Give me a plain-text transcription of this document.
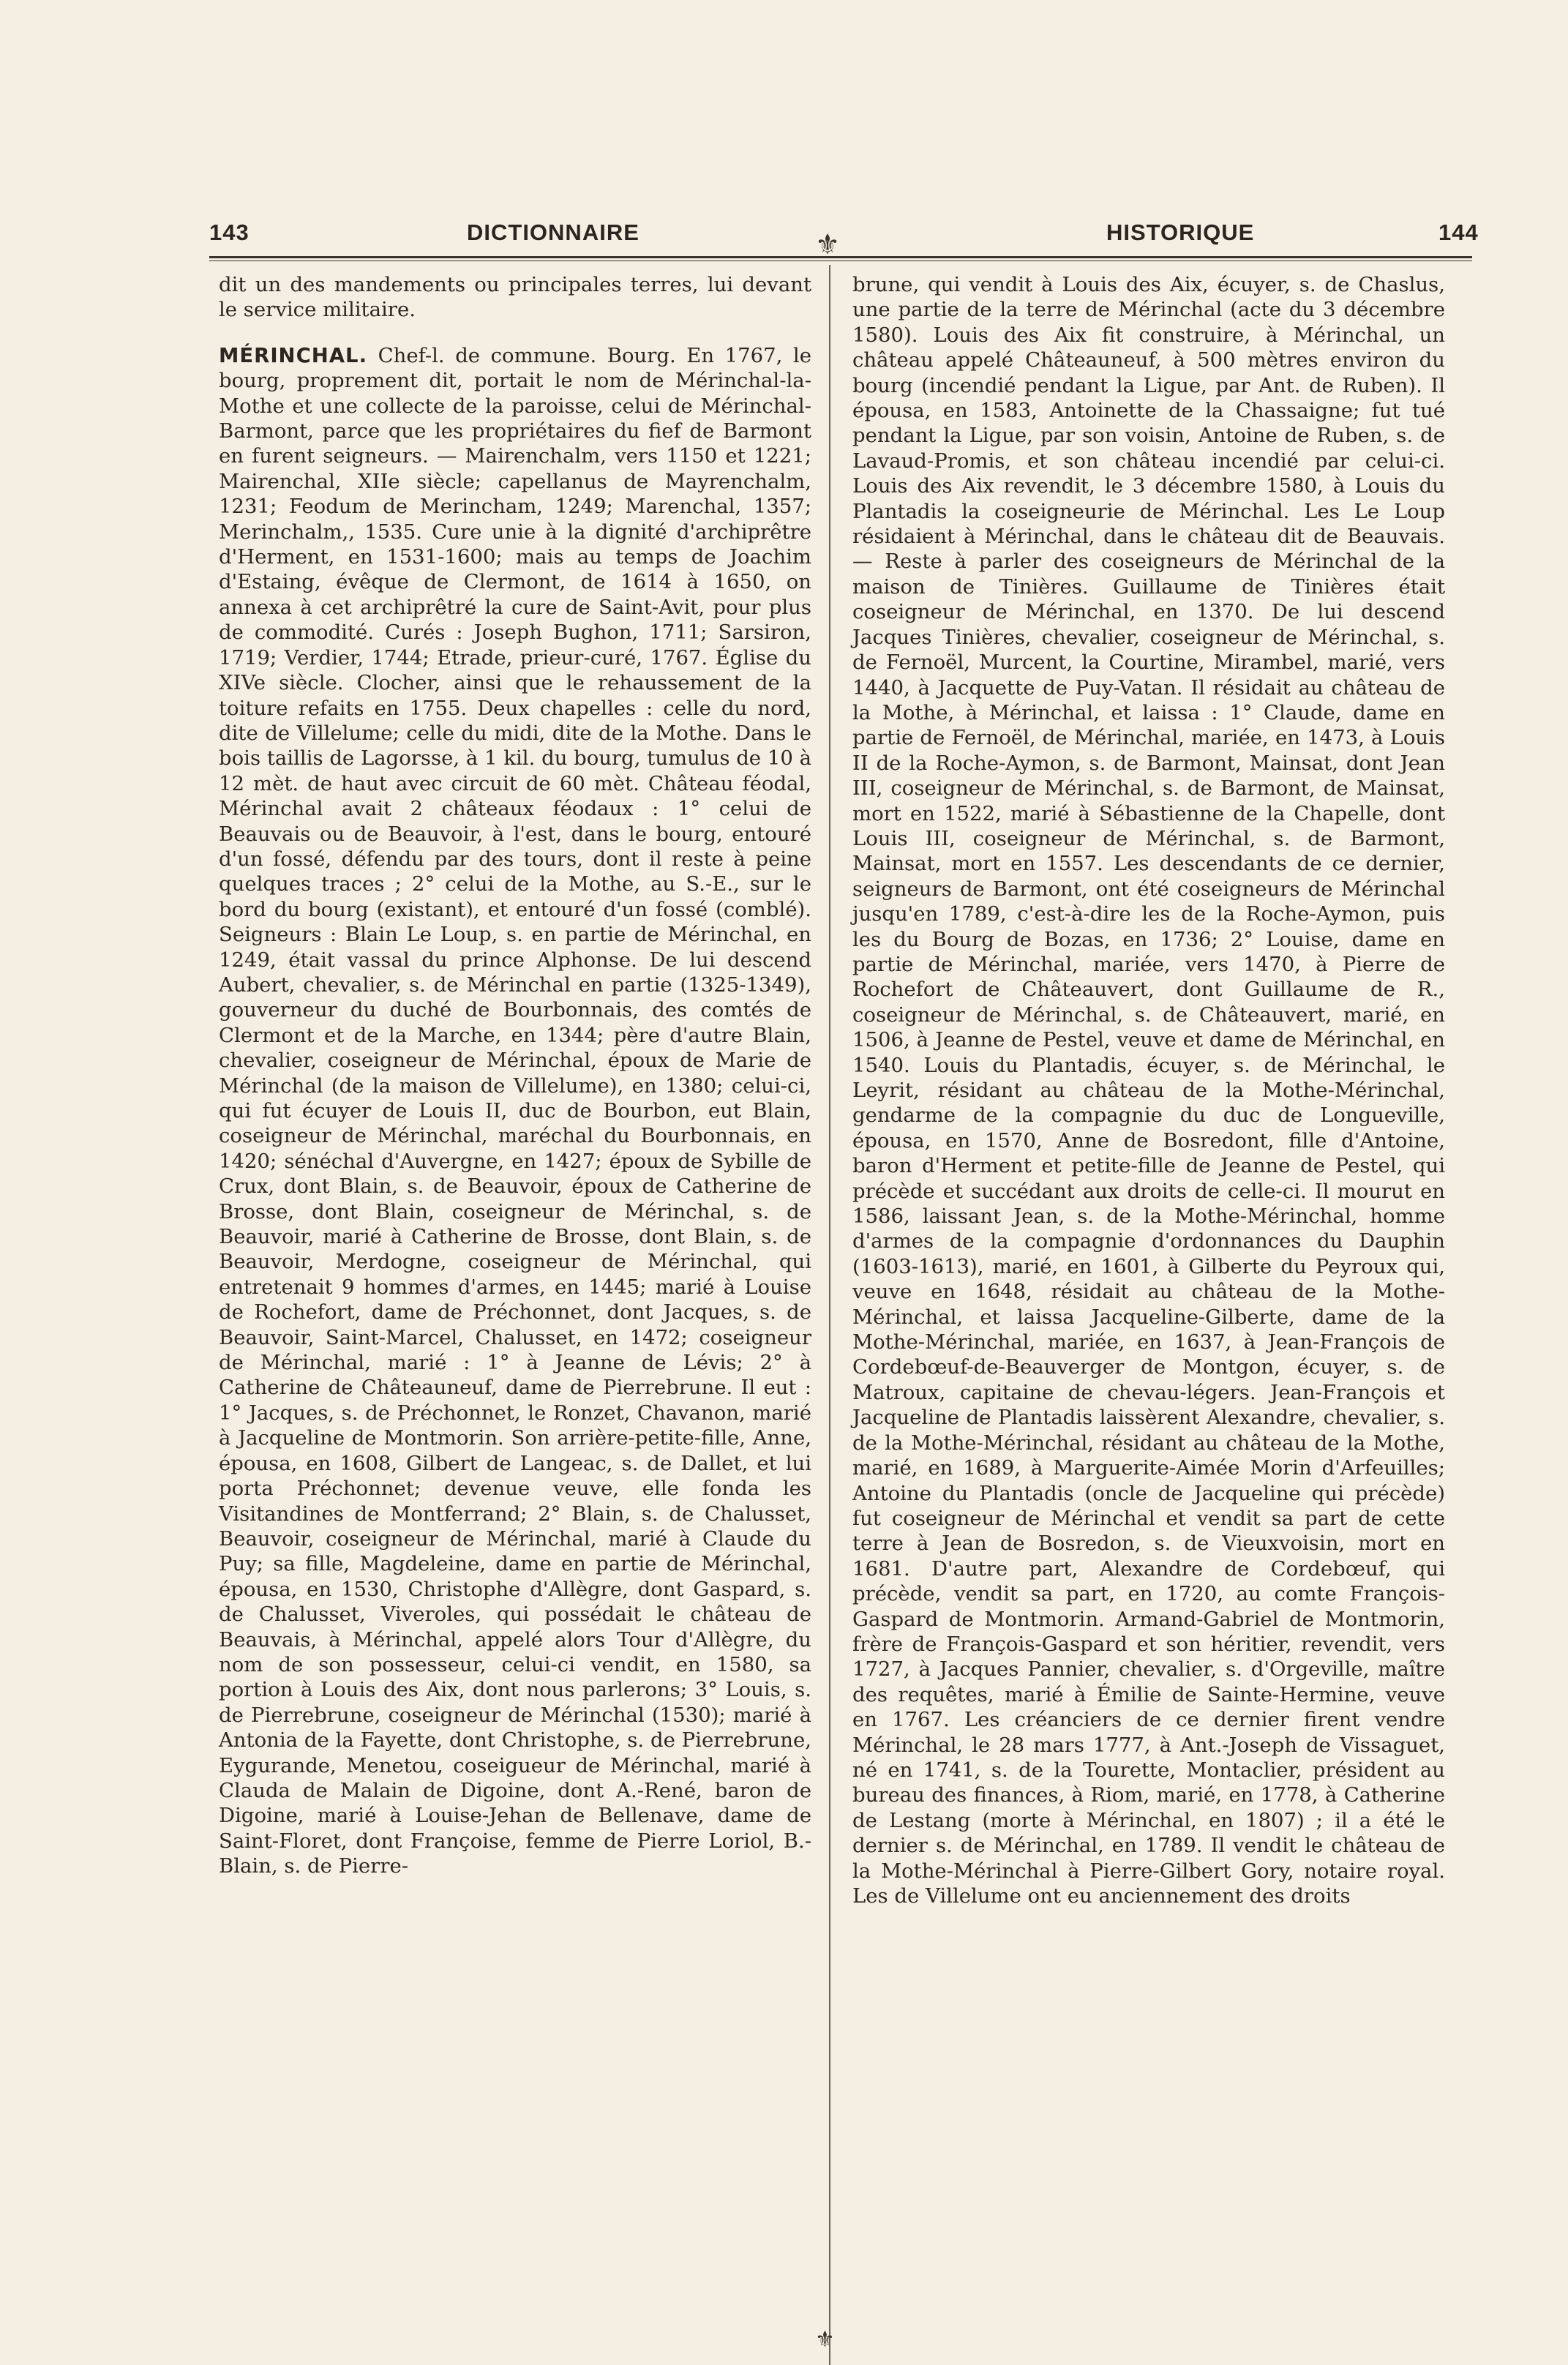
143	DICTIONNAIRE	HISTORIQUE	144
⚜
⚜

dit un des mandements ou principales terres, lui devant le service militaire.

MÉRINCHAL. Chef-l. de commune. Bourg. En 1767, le bourg, proprement dit, portait le nom de Mérinchal-la-Mothe et une collecte de la paroisse, celui de Mérinchal-Barmont, parce que les propriétaires du fief de Barmont en furent seigneurs. — Mairenchalm, vers 1150 et 1221; Mairenchal, XIIe siècle; capellanus de Mayrenchalm, 1231; Feodum de Merincham, 1249; Marenchal, 1357; Merinchalm,, 1535. Cure unie à la dignité d'archiprêtre d'Herment, en 1531-1600; mais au temps de Joachim d'Estaing, évêque de Clermont, de 1614 à 1650, on annexa à cet archiprêtré la cure de Saint-Avit, pour plus de commodité. Curés : Joseph Bughon, 1711; Sarsiron, 1719; Verdier, 1744; Etrade, prieur-curé, 1767. Église du XIVe siècle. Clocher, ainsi que le rehaussement de la toiture refaits en 1755. Deux chapelles : celle du nord, dite de Villelume; celle du midi, dite de la Mothe. Dans le bois taillis de Lagorsse, à 1 kil. du bourg, tumulus de 10 à 12 mèt. de haut avec circuit de 60 mèt. Château féodal, Mérinchal avait 2 châteaux féodaux : 1° celui de Beauvais ou de Beauvoir, à l'est, dans le bourg, entouré d'un fossé, défendu par des tours, dont il reste à peine quelques traces ; 2° celui de la Mothe, au S.-E., sur le bord du bourg (existant), et entouré d'un fossé (comblé). Seigneurs : Blain Le Loup, s. en partie de Mérinchal, en 1249, était vassal du prince Alphonse. De lui descend Aubert, chevalier, s. de Mérinchal en partie (1325-1349), gouverneur du duché de Bourbonnais, des comtés de Clermont et de la Marche, en 1344; père d'autre Blain, chevalier, coseigneur de Mérinchal, époux de Marie de Mérinchal (de la maison de Villelume), en 1380; celui-ci, qui fut écuyer de Louis II, duc de Bourbon, eut Blain, coseigneur de Mérinchal, maréchal du Bourbonnais, en 1420; sénéchal d'Auvergne, en 1427; époux de Sybille de Crux, dont Blain, s. de Beauvoir, époux de Catherine de Brosse, dont Blain, coseigneur de Mérinchal, s. de Beauvoir, marié à Catherine de Brosse, dont Blain, s. de Beauvoir, Merdogne, coseigneur de Mérinchal, qui entretenait 9 hommes d'armes, en 1445; marié à Louise de Rochefort, dame de Préchonnet, dont Jacques, s. de Beauvoir, Saint-Marcel, Chalusset, en 1472; coseigneur de Mérinchal, marié : 1° à Jeanne de Lévis; 2° à Catherine de Châteauneuf, dame de Pierrebrune. Il eut : 1° Jacques, s. de Préchonnet, le Ronzet, Chavanon, marié à Jacqueline de Montmorin. Son arrière-petite-fille, Anne, épousa, en 1608, Gilbert de Langeac, s. de Dallet, et lui porta Préchonnet; devenue veuve, elle fonda les Visitandines de Montferrand; 2° Blain, s. de Chalusset, Beauvoir, coseigneur de Mérinchal, marié à Claude du Puy; sa fille, Magdeleine, dame en partie de Mérinchal, épousa, en 1530, Christophe d'Allègre, dont Gaspard, s. de Chalusset, Viveroles, qui possédait le château de Beauvais, à Mérinchal, appelé alors Tour d'Allègre, du nom de son possesseur, celui-ci vendit, en 1580, sa portion à Louis des Aix, dont nous parlerons; 3° Louis, s. de Pierrebrune, coseigneur de Mérinchal (1530); marié à Antonia de la Fayette, dont Christophe, s. de Pierrebrune, Eygurande, Menetou, coseigueur de Mérinchal, marié à Clauda de Malain de Digoine, dont A.-René, baron de Digoine, marié à Louise-Jehan de Bellenave, dame de Saint-Floret, dont Françoise, femme de Pierre Loriol, B.-Blain, s. de Pierre-

brune, qui vendit à Louis des Aix, écuyer, s. de Chaslus, une partie de la terre de Mérinchal (acte du 3 décembre 1580). Louis des Aix fit construire, à Mérinchal, un château appelé Châteauneuf, à 500 mètres environ du bourg (incendié pendant la Ligue, par Ant. de Ruben). Il épousa, en 1583, Antoinette de la Chassaigne; fut tué pendant la Ligue, par son voisin, Antoine de Ruben, s. de Lavaud-Promis, et son château incendié par celui-ci. Louis des Aix revendit, le 3 décembre 1580, à Louis du Plantadis la coseigneurie de Mérinchal. Les Le Loup résidaient à Mérinchal, dans le château dit de Beauvais. — Reste à parler des coseigneurs de Mérinchal de la maison de Tinières. Guillaume de Tinières était coseigneur de Mérinchal, en 1370. De lui descend Jacques Tinières, chevalier, coseigneur de Mérinchal, s. de Fernoël, Murcent, la Courtine, Mirambel, marié, vers 1440, à Jacquette de Puy-Vatan. Il résidait au château de la Mothe, à Mérinchal, et laissa : 1° Claude, dame en partie de Fernoël, de Mérinchal, mariée, en 1473, à Louis II de la Roche-Aymon, s. de Barmont, Mainsat, dont Jean III, coseigneur de Mérinchal, s. de Barmont, de Mainsat, mort en 1522, marié à Sébastienne de la Chapelle, dont Louis III, coseigneur de Mérinchal, s. de Barmont, Mainsat, mort en 1557. Les descendants de ce dernier, seigneurs de Barmont, ont été coseigneurs de Mérinchal jusqu'en 1789, c'est-à-dire les de la Roche-Aymon, puis les du Bourg de Bozas, en 1736; 2° Louise, dame en partie de Mérinchal, mariée, vers 1470, à Pierre de Rochefort de Châteauvert, dont Guillaume de R., coseigneur de Mérinchal, s. de Châteauvert, marié, en 1506, à Jeanne de Pestel, veuve et dame de Mérinchal, en 1540. Louis du Plantadis, écuyer, s. de Mérinchal, le Leyrit, résidant au château de la Mothe-Mérinchal, gendarme de la compagnie du duc de Longueville, épousa, en 1570, Anne de Bosredont, fille d'Antoine, baron d'Herment et petite-fille de Jeanne de Pestel, qui précède et succédant aux droits de celle-ci. Il mourut en 1586, laissant Jean, s. de la Mothe-Mérinchal, homme d'armes de la compagnie d'ordonnances du Dauphin (1603-1613), marié, en 1601, à Gilberte du Peyroux qui, veuve en 1648, résidait au château de la Mothe-Mérinchal, et laissa Jacqueline-Gilberte, dame de la Mothe-Mérinchal, mariée, en 1637, à Jean-François de Cordebœuf-de-Beauverger de Montgon, écuyer, s. de Matroux, capitaine de chevau-légers. Jean-François et Jacqueline de Plantadis laissèrent Alexandre, chevalier, s. de la Mothe-Mérinchal, résidant au château de la Mothe, marié, en 1689, à Marguerite-Aimée Morin d'Arfeuilles; Antoine du Plantadis (oncle de Jacqueline qui précède) fut coseigneur de Mérinchal et vendit sa part de cette terre à Jean de Bosredon, s. de Vieuxvoisin, mort en 1681. D'autre part, Alexandre de Cordebœuf, qui précède, vendit sa part, en 1720, au comte François-Gaspard de Montmorin. Armand-Gabriel de Montmorin, frère de François-Gaspard et son héritier, revendit, vers 1727, à Jacques Pannier, chevalier, s. d'Orgeville, maître des requêtes, marié à Émilie de Sainte-Hermine, veuve en 1767. Les créanciers de ce dernier firent vendre Mérinchal, le 28 mars 1777, à Ant.-Joseph de Vissaguet, né en 1741, s. de la Tourette, Montaclier, président au bureau des finances, à Riom, marié, en 1778, à Catherine de Lestang (morte à Mérinchal, en 1807) ; il a été le dernier s. de Mérinchal, en 1789. Il vendit le château de la Mothe-Mérinchal à Pierre-Gilbert Gory, notaire royal. Les de Villelume ont eu anciennement des droits
